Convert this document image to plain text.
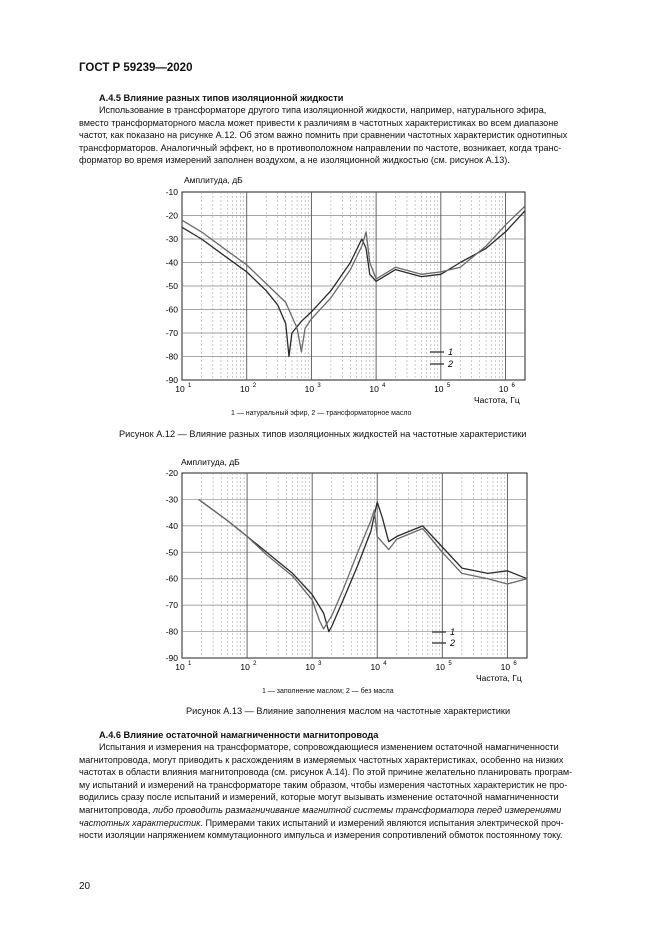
ГОСТ Р 59239—2020
A.4.5 Влияние разных типов изоляционной жидкости
Использование в трансформаторе другого типа изоляционной жидкости, например, натурального эфира,
вместо трансформаторного масла может привести к различиям в частотных характеристиках во всем диапазоне
частот, как показано на рисунке А.12. Об этом важно помнить при сравнении частотных характеристик однотипных
трансформаторов. Аналогичный эффект, но в противоположном направлении по частоте, возникает, когда транс-
форматор во время измерений заполнен воздухом, а не изоляционной жидкостью (см. рисунок А.13).
-10
-20
-30
-40
-50
-60
-70
-80
-90
10 1	10 2	10 3	10 4	10 5	10 6
Амплитуда, дБ
Частота, Гц
1
2
1 — натуральный эфир, 2 — трансформаторное масло
Рисунок А.12 — Влияние разных типов изоляционных жидкостей на частотные характеристики
-20
-30
-40
-50
-60
-70
-80
-90
10 1	10 2	10 3	10 4	10 5	10 6
Амплитуда, дБ
Частота, Гц
1
2
1 — заполнение маслом; 2 — без масла
Рисунок А.13 — Влияние заполнения маслом на частотные характеристики
A.4.6 Влияние остаточной намагниченности магнитопровода
Испытания и измерения на трансформаторе, сопровождающиеся изменением остаточной намагниченности
магнитопровода, могут приводить к расхождениям в измеряемых частотных характеристиках, особенно на низких
частотах в области влияния магнитопровода (см. рисунок А.14). По этой причине желательно планировать програм-
му испытаний и измерений на трансформаторе таким образом, чтобы измерения частотных характеристик не про-
водились сразу после испытаний и измерений, которые могут вызывать изменение остаточной намагниченности
магнитопровода, либо проводить размагничивание магнитной системы трансформатора перед измерениями
частотных характеристик. Примерами таких испытаний и измерений являются испытания электрической проч-
ности изоляции напряжением коммутационного импульса и измерения сопротивлений обмоток постоянному току.
20
